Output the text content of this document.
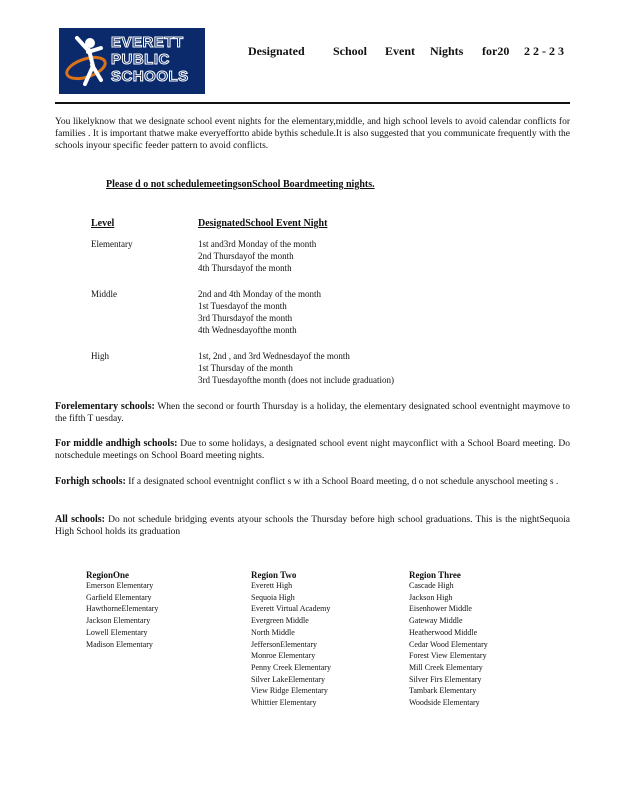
EVERETT
PUBLIC
SCHOOLS
Designated School Event Nights for20 2 2 - 2 3
You likelyknow that we designate school event nights for the elementary,middle, and high school levels to avoid calendar conflicts for families . It is important thatwe make everyeffortto abide bythis schedule.It is also suggested that you communicate frequently with the schools inyour specific feeder pattern to avoid conflicts.
Please d o not schedulemeetingsonSchool Boardmeeting nights.
Level	DesignatedSchool Event Night
Elementary	1st and3rd Monday of the month
2nd Thursdayof the month
4th Thursdayof the month
Middle	2nd and 4th Monday of the month
1st Tuesdayof the month
3rd Thursdayof the month
4th Wednesdayofthe month
High	1st, 2nd , and 3rd Wednesdayof the month
1st Thursday of the month
3rd Tuesdayofthe month (does not include graduation)
Forelementary schools: When the second or fourth Thursday is a holiday, the elementary designated school eventnight maymove to the fifth T uesday.
For middle andhigh schools: Due to some holidays, a designated school event night mayconflict with a School Board meeting. Do notschedule meetings on School Board meeting nights.
Forhigh schools: If a designated school eventnight conflict s w ith a School Board meeting, d o not schedule anyschool meeting s .
All schools: Do not schedule bridging events atyour schools the Thursday before high school graduations. This is the nightSequoia High School holds its graduation
RegionOne
Emerson Elementary
Garfield Elementary
HawthorneElementary
Jackson Elementary
Lowell Elementary
Madison Elementary
Region Two
Everett High
Sequoia High
Everett Virtual Academy
Evergreen Middle
North Middle
JeffersonElementary
Monroe Elementary
Penny Creek Elementary
Silver LakeElementary
View Ridge Elementary
Whittier Elementary
Region Three
Cascade High
Jackson High
Eisenhower Middle
Gateway Middle
Heatherwood Middle
Cedar Wood Elementary
Forest View Elementary
Mill Creek Elementary
Silver Firs Elementary
Tambark Elementary
Woodside Elementary
